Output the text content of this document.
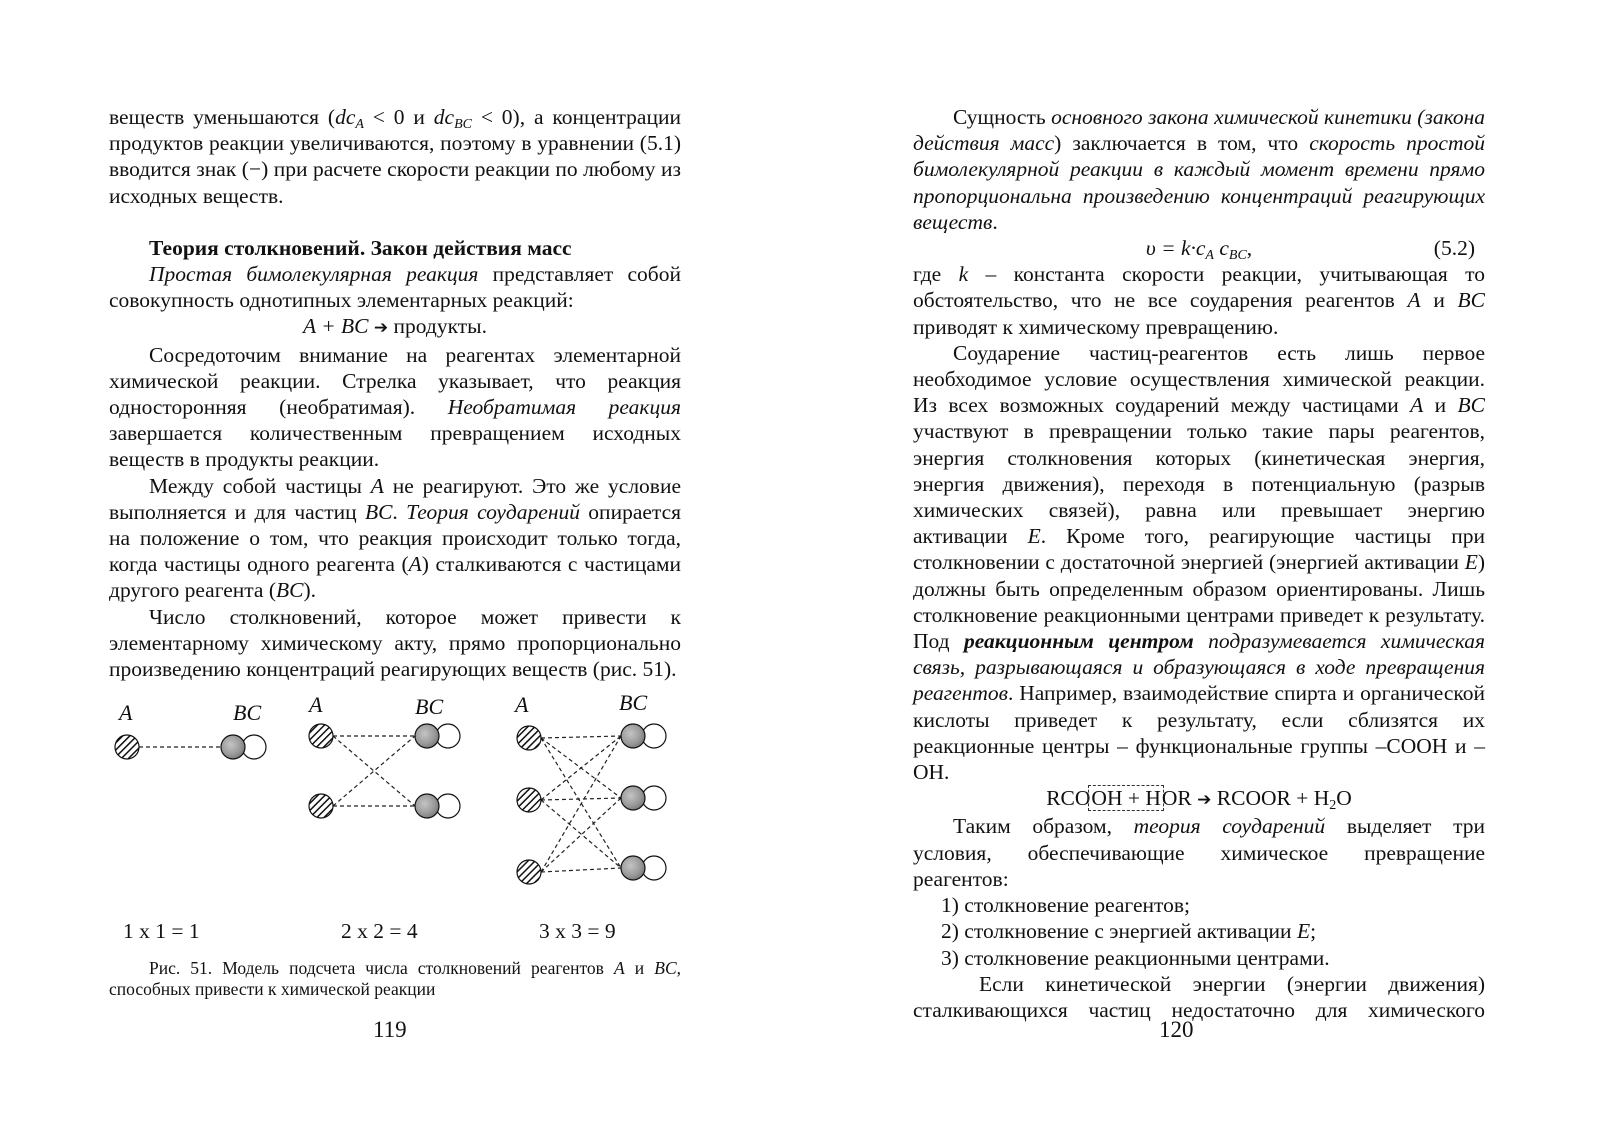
веществ уменьшаются ($dc_A < 0$ и $dc_{BC} < 0$), а концентрации продуктов реакции увеличиваются, поэтому в уравнении (5.1) вводится знак (−) при расчете скорости реакции по любому из исходных веществ.

Теория столкновений. Закон действия масс

Простая бимолекулярная реакция представляет собой совокупность однотипных элементарных реакций:

A + BC ➔ продукты.

Сосредоточим внимание на реагентах элементарной химической реакции. Стрелка указывает, что реакция односторонняя (необратимая). Необратимая реакция завершается количественным превращением исходных веществ в продукты реакции.

Между собой частицы A не реагируют. Это же условие выполняется и для частиц BC. Теория соударений опирается на положение о том, что реакция происходит только тогда, когда частицы одного реагента (A) сталкиваются с частицами другого реагента (BC).

Число столкновений, которое может привести к элементарному химическому акту, прямо пропорционально произведению концентраций реагирующих веществ (рис. 51).

A	BC A	BC	A	BC
1 x 1 = 1	2 x 2 = 4	3 x 3 = 9

Рис. 51. Модель подсчета числа столкновений реагентов A и BC, способных привести к химической реакции

119

Сущность основного закона химической кинетики (закона действия масс) заключается в том, что скорость простой бимолекулярной реакции в каждый момент времени прямо пропорциональна произведению концентраций реагирующих веществ.

$\upsilon = k\cdot c_A$ $c_{BC}$,	(5.2)

где k – константа скорости реакции, учитывающая то обстоятельство, что не все соударения реагентов A и BC приводят к химическому превращению.

Соударение частиц-реагентов есть лишь первое необходимое условие осуществления химической реакции. Из всех возможных соударений между частицами A и BC участвуют в превращении только такие пары реагентов, энергия столкновения которых (кинетическая энергия, энергия движения), переходя в потенциальную (разрыв химических связей), равна или превышает энергию активации E. Кроме того, реагирующие частицы при столкновении с достаточной энергией (энергией активации E) должны быть определенным образом ориентированы. Лишь столкновение реакционными центрами приведет к результату. Под реакционным центром подразумевается химическая связь, разрывающаяся и образующаяся в ходе превращения реагентов. Например, взаимодействие спирта и органической кислоты приведет к результату, если сблизятся их реакционные центры – функциональные группы –COOH и –OH.

RCOOH + HOR ➔ RCOOR + $H_2O$

Таким образом, теория соударений выделяет три условия, обеспечивающие химическое превращение реагентов:

1) столкновение реагентов;

2) столкновение с энергией активации E;

3) столкновение реакционными центрами.

Если кинетической энергии (энергии движения) сталкивающихся частиц недостаточно для химического

120
